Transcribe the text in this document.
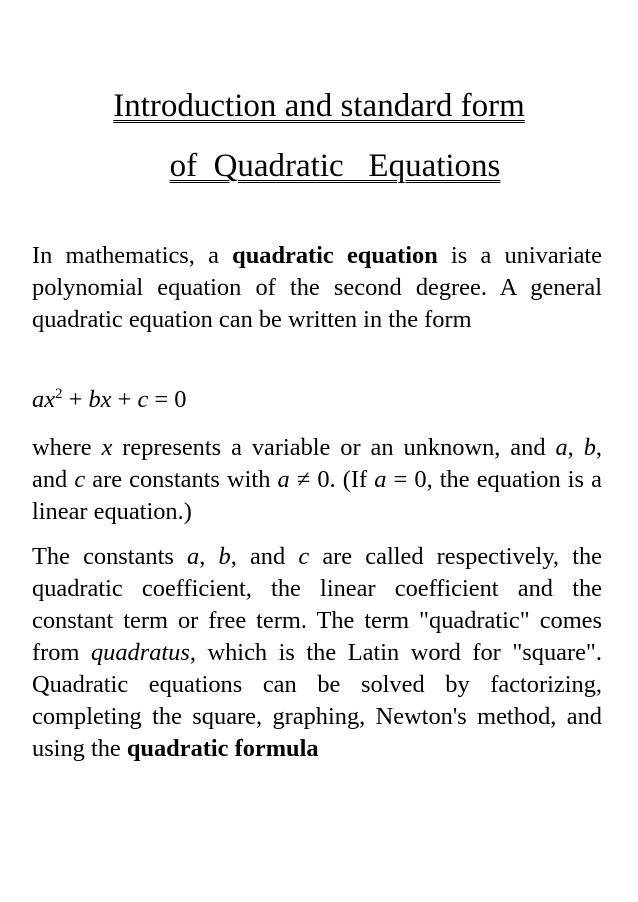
Introduction and standard form
of  Quadratic   Equations
In mathematics, a quadratic equation is a univariate polynomial equation of the second degree. A general quadratic equation can be written in the form
$ax^2$ + bx + c = 0
where x represents a variable or an unknown, and a, b, and c are constants with a ≠ 0. (If a = 0, the equation is a linear equation.)
The constants a, b, and c are called respectively, the quadratic coefficient, the linear coefficient and the constant term or free term. The term "quadratic" comes from quadratus, which is the Latin word for "square". Quadratic equations can be solved by factorizing, completing the square, graphing, Newton's method, and using the quadratic formula
